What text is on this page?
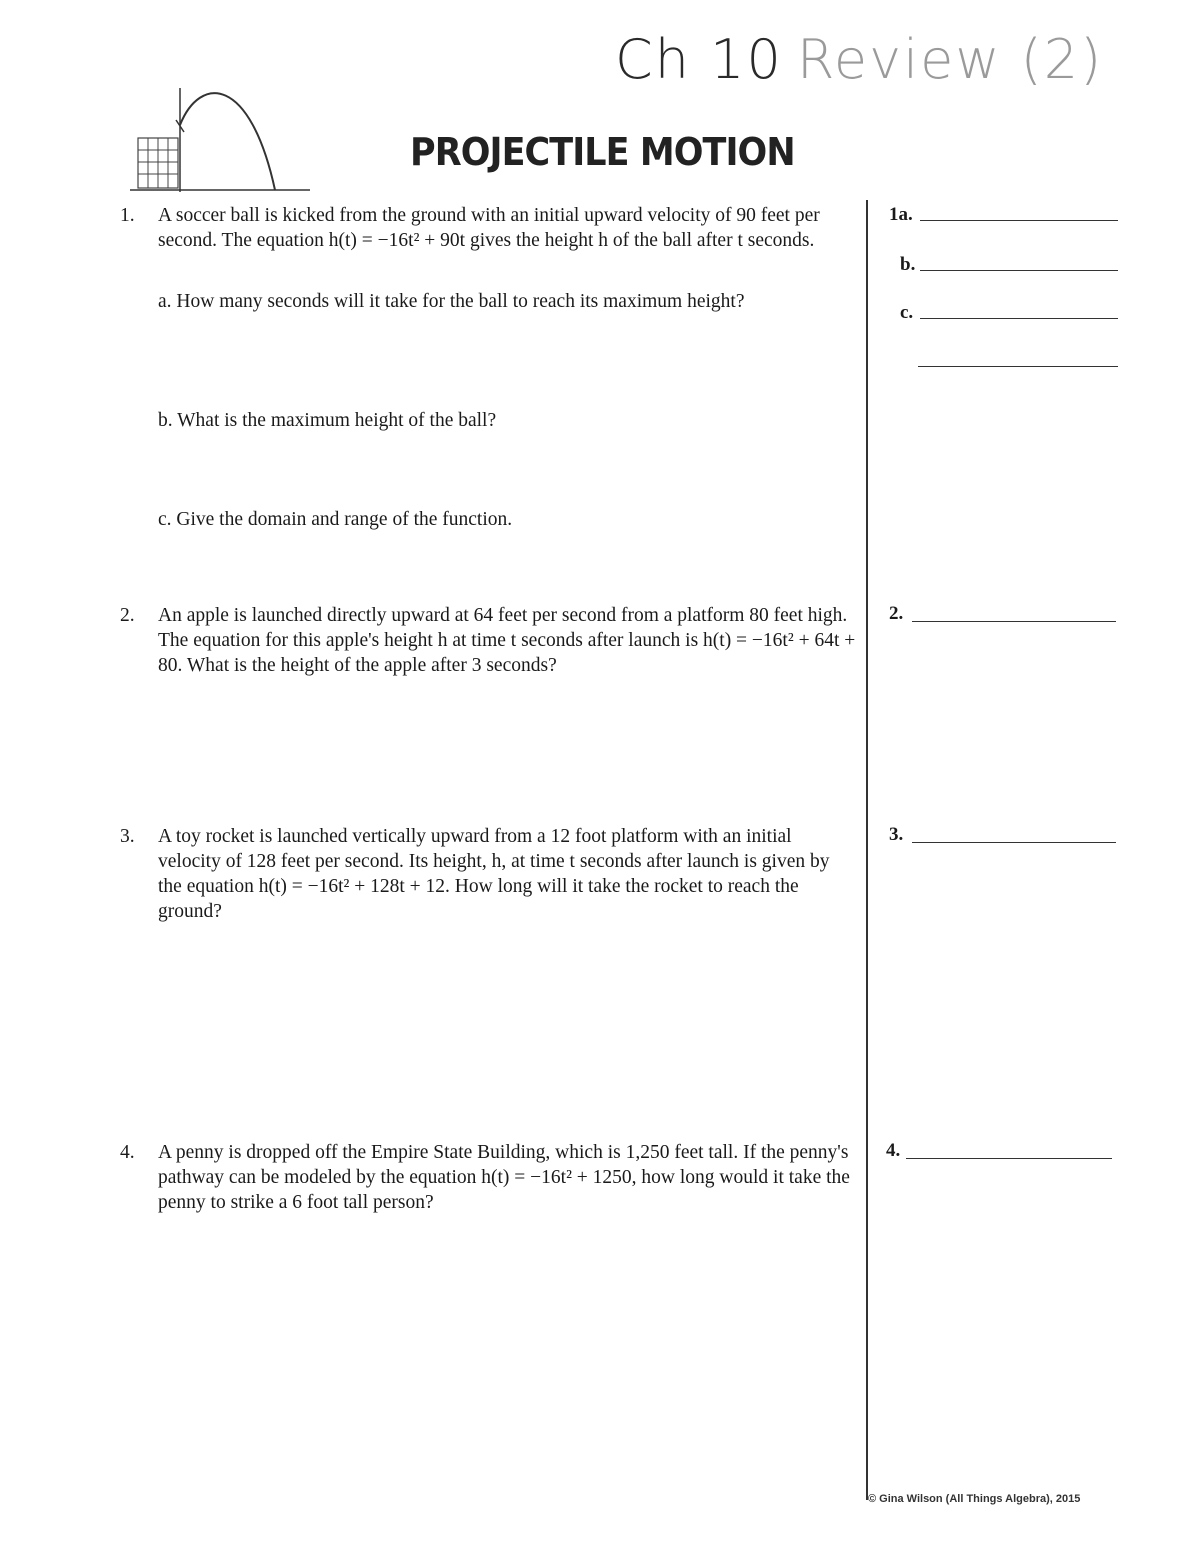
Ch 10 Review (2)
PROJECTILE MOTION
1. A soccer ball is kicked from the ground with an initial upward velocity of 90 feet per second. The equation h(t) = −16t² + 90t gives the height h of the ball after t seconds.
a. How many seconds will it take for the ball to reach its maximum height?
b. What is the maximum height of the ball?
c. Give the domain and range of the function.
2. An apple is launched directly upward at 64 feet per second from a platform 80 feet high. The equation for this apple's height h at time t seconds after launch is h(t) = −16t² + 64t + 80. What is the height of the apple after 3 seconds?
3. A toy rocket is launched vertically upward from a 12 foot platform with an initial velocity of 128 feet per second. Its height, h, at time t seconds after launch is given by the equation h(t) = −16t² + 128t + 12. How long will it take the rocket to reach the ground?
4. A penny is dropped off the Empire State Building, which is 1,250 feet tall. If the penny's pathway can be modeled by the equation h(t) = −16t² + 1250, how long would it take the penny to strike a 6 foot tall person?
1a.
b.
c.
2.
3.
4.
© Gina Wilson (All Things Algebra), 2015
